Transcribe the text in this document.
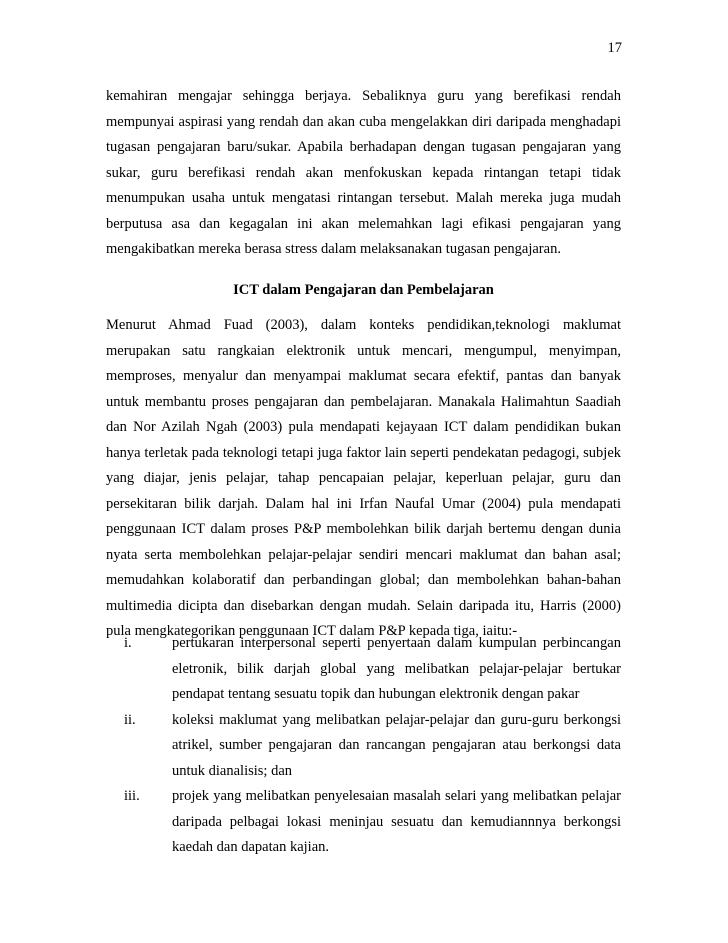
17

kemahiran mengajar sehingga berjaya. Sebaliknya guru yang berefikasi rendah mempunyai aspirasi yang rendah dan akan cuba mengelakkan diri daripada menghadapi tugasan pengajaran baru/sukar. Apabila berhadapan dengan tugasan pengajaran yang sukar, guru berefikasi rendah akan menfokuskan kepada rintangan tetapi tidak menumpukan usaha untuk mengatasi rintangan tersebut. Malah mereka juga mudah berputusa asa dan kegagalan ini akan melemahkan lagi efikasi pengajaran yang mengakibatkan mereka berasa stress dalam melaksanakan tugasan pengajaran.

ICT dalam Pengajaran dan Pembelajaran

Menurut Ahmad Fuad (2003), dalam konteks pendidikan,teknologi maklumat merupakan satu rangkaian elektronik untuk mencari, mengumpul, menyimpan, memproses, menyalur dan menyampai maklumat secara efektif, pantas dan banyak untuk membantu proses pengajaran dan pembelajaran. Manakala Halimahtun Saadiah dan Nor Azilah Ngah (2003) pula mendapati kejayaan ICT dalam pendidikan bukan hanya terletak pada teknologi tetapi juga faktor lain seperti pendekatan pedagogi, subjek yang diajar, jenis pelajar, tahap pencapaian pelajar, keperluan pelajar, guru dan persekitaran bilik darjah. Dalam hal ini Irfan Naufal Umar (2004) pula mendapati penggunaan ICT dalam proses P&P membolehkan bilik darjah bertemu dengan dunia nyata serta membolehkan pelajar-pelajar sendiri mencari maklumat dan bahan asal; memudahkan kolaboratif dan perbandingan global; dan membolehkan bahan-bahan multimedia dicipta dan disebarkan dengan mudah. Selain daripada itu, Harris (2000) pula mengkategorikan penggunaan ICT dalam P&P kepada tiga, iaitu:-

i.	pertukaran interpersonal seperti penyertaan dalam kumpulan perbincangan eletronik, bilik darjah global yang melibatkan pelajar-pelajar bertukar pendapat tentang sesuatu topik dan hubungan elektronik dengan pakar
ii.	koleksi maklumat yang melibatkan pelajar-pelajar dan guru-guru berkongsi atrikel, sumber pengajaran dan rancangan pengajaran atau berkongsi data untuk dianalisis; dan
iii.	projek yang melibatkan penyelesaian masalah selari yang melibatkan pelajar daripada pelbagai lokasi meninjau sesuatu dan kemudiannnya berkongsi kaedah dan dapatan kajian.
